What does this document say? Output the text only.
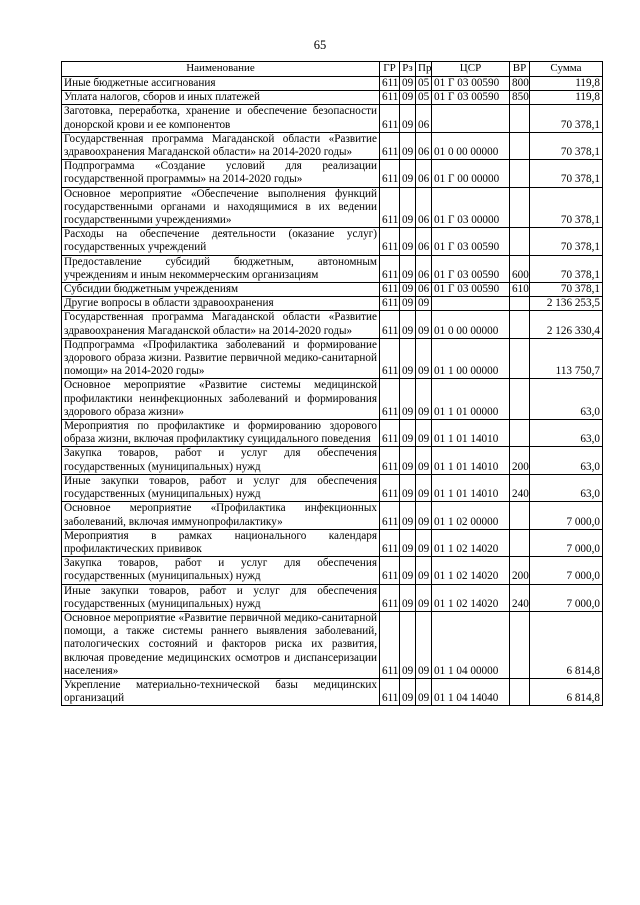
65
Наименование	ГР	Рз	Пр	ЦСР	ВР	Сумма
Иные бюджетные ассигнования	611	09	05	01 Г 03 00590	800	119,8
Уплата налогов, сборов и иных платежей	611	09	05	01 Г 03 00590	850	119,8
Заготовка, переработка, хранение и обеспечение безопасности донорской крови и ее компонентов	611	09	06			70 378,1
Государственная программа Магаданской области «Развитие здравоохранения Магаданской области» на 2014-2020 годы»	611	09	06	01 0 00 00000		70 378,1
Подпрограмма «Создание условий для реализации государственной программы» на 2014-2020 годы»	611	09	06	01 Г 00 00000		70 378,1
Основное мероприятие «Обеспечение выполнения функций государственными органами и находящимися в их ведении государственными учреждениями»	611	09	06	01 Г 03 00000		70 378,1
Расходы на обеспечение деятельности (оказание услуг) государственных учреждений	611	09	06	01 Г 03 00590		70 378,1
Предоставление субсидий бюджетным, автономным учреждениям и иным некоммерческим организациям	611	09	06	01 Г 03 00590	600	70 378,1
Субсидии бюджетным учреждениям	611	09	06	01 Г 03 00590	610	70 378,1
Другие вопросы в области здравоохранения	611	09	09			2 136 253,5
Государственная программа Магаданской области «Развитие здравоохранения Магаданской области» на 2014-2020 годы»	611	09	09	01 0 00 00000		2 126 330,4
Подпрограмма «Профилактика заболеваний и формирование здорового образа жизни. Развитие первичной медико-санитарной помощи» на 2014-2020 годы»	611	09	09	01 1 00 00000		113 750,7
Основное мероприятие «Развитие системы медицинской профилактики неинфекционных заболеваний и формирования здорового образа жизни»	611	09	09	01 1 01 00000		63,0
Мероприятия по профилактике и формированию здорового образа жизни, включая профилактику суицидального поведения	611	09	09	01 1 01 14010		63,0
Закупка товаров, работ и услуг для обеспечения государственных (муниципальных) нужд	611	09	09	01 1 01 14010	200	63,0
Иные закупки товаров, работ и услуг для обеспечения государственных (муниципальных) нужд	611	09	09	01 1 01 14010	240	63,0
Основное мероприятие «Профилактика инфекционных заболеваний, включая иммунопрофилактику»	611	09	09	01 1 02 00000		7 000,0
Мероприятия в рамках национального календаря профилактических прививок	611	09	09	01 1 02 14020		7 000,0
Закупка товаров, работ и услуг для обеспечения государственных (муниципальных) нужд	611	09	09	01 1 02 14020	200	7 000,0
Иные закупки товаров, работ и услуг для обеспечения государственных (муниципальных) нужд	611	09	09	01 1 02 14020	240	7 000,0
Основное мероприятие «Развитие первичной медико-санитарной помощи, а также системы раннего выявления заболеваний, патологических состояний и факторов риска их развития, включая проведение медицинских осмотров и диспансеризации населения»	611	09	09	01 1 04 00000		6 814,8
Укрепление материально-технической базы медицинских организаций	611	09	09	01 1 04 14040		6 814,8
